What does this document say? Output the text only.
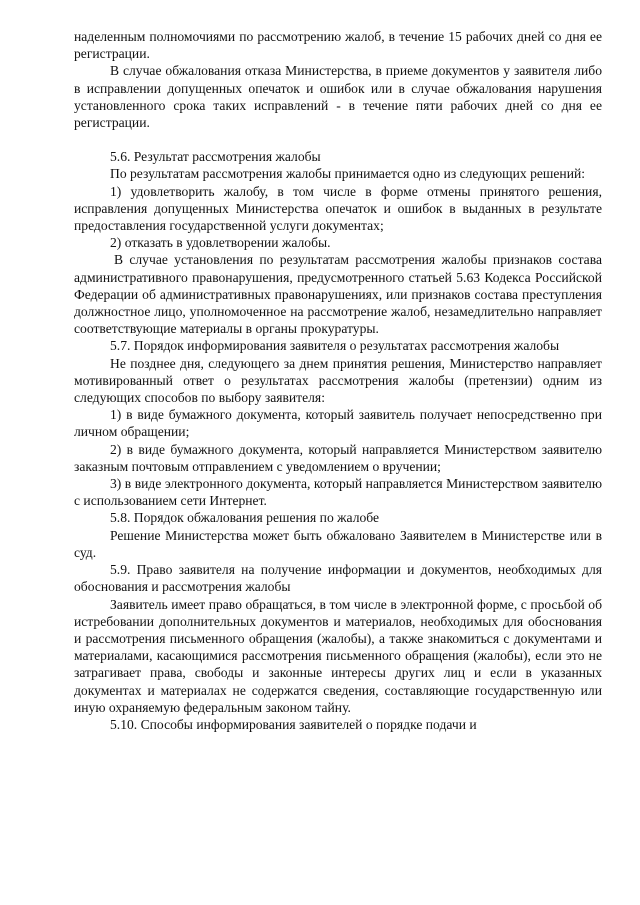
наделенным полномочиями по рассмотрению жалоб, в течение 15 рабочих дней со дня ее регистрации.

В случае обжалования отказа Министерства, в приеме документов у заявителя либо в исправлении допущенных опечаток и ошибок или в случае обжалования нарушения установленного срока таких исправлений - в течение пяти рабочих дней со дня ее регистрации.

5.6. Результат рассмотрения жалобы

По результатам рассмотрения жалобы принимается одно из следующих решений:

1) удовлетворить жалобу, в том числе в форме отмены принятого решения, исправления допущенных Министерства опечаток и ошибок в выданных в результате предоставления государственной услуги документах;

2) отказать в удовлетворении жалобы.

В случае установления по результатам рассмотрения жалобы признаков состава административного правонарушения, предусмотренного статьей 5.63 Кодекса Российской Федерации об административных правонарушениях, или признаков состава преступления должностное лицо, уполномоченное на рассмотрение жалоб, незамедлительно направляет соответствующие материалы в органы прокуратуры.

5.7. Порядок информирования заявителя о результатах рассмотрения жалобы

Не позднее дня, следующего за днем принятия решения, Министерство направляет мотивированный ответ о результатах рассмотрения жалобы (претензии) одним из следующих способов по выбору заявителя:

1) в виде бумажного документа, который заявитель получает непосредственно при личном обращении;

2) в виде бумажного документа, который направляется Министерством заявителю заказным почтовым отправлением с уведомлением о вручении;

3) в виде электронного документа, который направляется Министерством заявителю с использованием сети Интернет.

5.8. Порядок обжалования решения по жалобе

Решение Министерства может быть обжаловано Заявителем в Министерстве или в суд.

5.9. Право заявителя на получение информации и документов, необходимых для обоснования и рассмотрения жалобы

Заявитель имеет право обращаться, в том числе в электронной форме, с просьбой об истребовании дополнительных документов и материалов, необходимых для обоснования и рассмотрения письменного обращения (жалобы), а также знакомиться с документами и материалами, касающимися рассмотрения письменного обращения (жалобы), если это не затрагивает права, свободы и законные интересы других лиц и если в указанных документах и материалах не содержатся сведения, составляющие государственную или иную охраняемую федеральным законом тайну.

5.10. Способы информирования заявителей о порядке подачи и
